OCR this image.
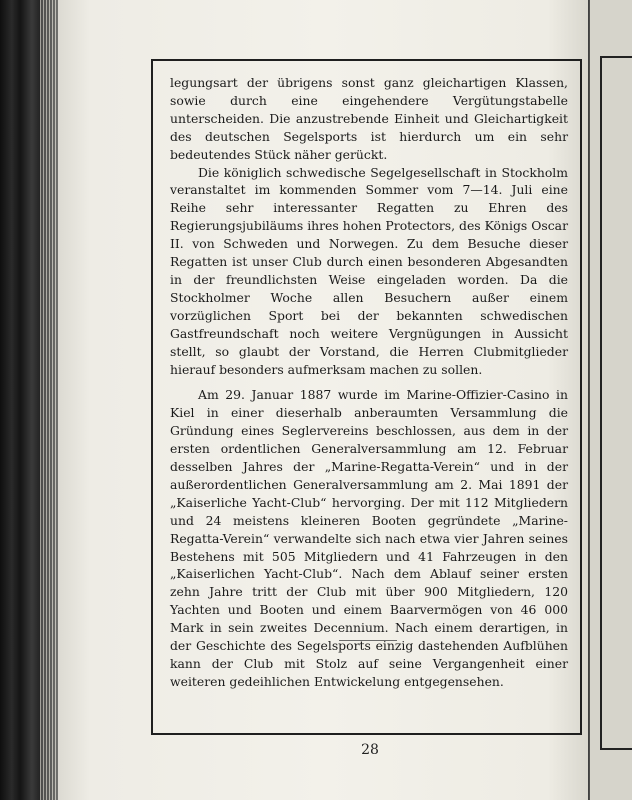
legungsart der übrigens sonst ganz gleichartigen Klassen, sowie durch eine eingehendere Vergütungstabelle unterscheiden. Die anzustrebende Einheit und Gleichartigkeit des deutschen Segelsports ist hierdurch um ein sehr bedeutendes Stück näher gerückt.

Die königlich schwedische Segelgesellschaft in Stockholm veranstaltet im kommenden Sommer vom 7—14. Juli eine Reihe sehr interessanter Regatten zu Ehren des Regierungsjubiläums ihres hohen Protectors, des Königs Oscar II. von Schweden und Norwegen. Zu dem Besuche dieser Regatten ist unser Club durch einen besonderen Abgesandten in der freundlichsten Weise eingeladen worden. Da die Stockholmer Woche allen Besuchern außer einem vorzüglichen Sport bei der bekannten schwedischen Gastfreundschaft noch weitere Vergnügungen in Aussicht stellt, so glaubt der Vorstand, die Herren Clubmitglieder hierauf besonders aufmerksam machen zu sollen.

Am 29. Januar 1887 wurde im Marine-Offizier-Casino in Kiel in einer dieserhalb anberaumten Versammlung die Gründung eines Seglervereins beschlossen, aus dem in der ersten ordentlichen Generalversammlung am 12. Februar desselben Jahres der „Marine-Regatta-Verein“ und in der außerordentlichen Generalversammlung am 2. Mai 1891 der „Kaiserliche Yacht-Club“ hervorging. Der mit 112 Mitgliedern und 24 meistens kleineren Booten gegründete „Marine-Regatta-Verein“ verwandelte sich nach etwa vier Jahren seines Bestehens mit 505 Mitgliedern und 41 Fahrzeugen in den „Kaiserlichen Yacht-Club“. Nach dem Ablauf seiner ersten zehn Jahre tritt der Club mit über 900 Mitgliedern, 120 Yachten und Booten und einem Baarvermögen von 46 000 Mark in sein zweites Decennium. Nach einem derartigen, in der Geschichte des Segelsports einzig dastehenden Aufblühen kann der Club mit Stolz auf seine Vergangenheit einer weiteren gedeihlichen Entwickelung entgegensehen.

28
